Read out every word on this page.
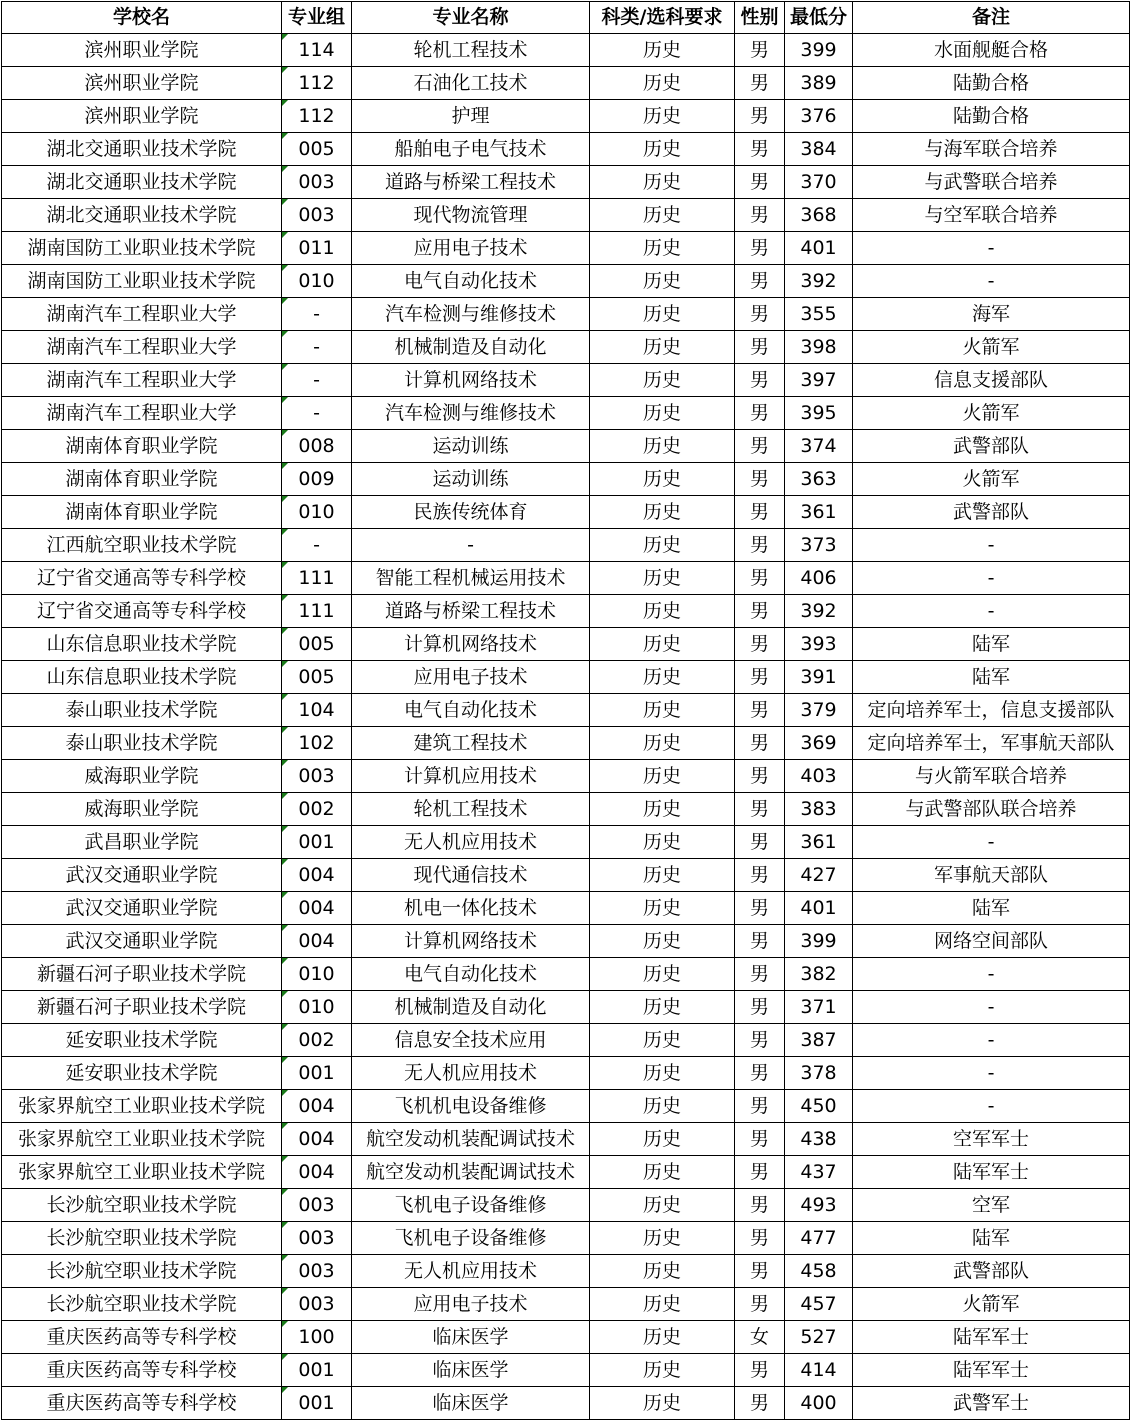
学校名	专业组	专业名称	科类/选科要求	性别	最低分	备注
滨州职业学院	114	轮机工程技术	历史	男	399	水面舰艇合格
滨州职业学院	112	石油化工技术	历史	男	389	陆勤合格
滨州职业学院	112	护理	历史	男	376	陆勤合格
湖北交通职业技术学院	005	船舶电子电气技术	历史	男	384	与海军联合培养
湖北交通职业技术学院	003	道路与桥梁工程技术	历史	男	370	与武警联合培养
湖北交通职业技术学院	003	现代物流管理	历史	男	368	与空军联合培养
湖南国防工业职业技术学院	011	应用电子技术	历史	男	401	-
湖南国防工业职业技术学院	010	电气自动化技术	历史	男	392	-
湖南汽车工程职业大学	-	汽车检测与维修技术	历史	男	355	海军
湖南汽车工程职业大学	-	机械制造及自动化	历史	男	398	火箭军
湖南汽车工程职业大学	-	计算机网络技术	历史	男	397	信息支援部队
湖南汽车工程职业大学	-	汽车检测与维修技术	历史	男	395	火箭军
湖南体育职业学院	008	运动训练	历史	男	374	武警部队
湖南体育职业学院	009	运动训练	历史	男	363	火箭军
湖南体育职业学院	010	民族传统体育	历史	男	361	武警部队
江西航空职业技术学院	-	-	历史	男	373	-
辽宁省交通高等专科学校	111	智能工程机械运用技术	历史	男	406	-
辽宁省交通高等专科学校	111	道路与桥梁工程技术	历史	男	392	-
山东信息职业技术学院	005	计算机网络技术	历史	男	393	陆军
山东信息职业技术学院	005	应用电子技术	历史	男	391	陆军
泰山职业技术学院	104	电气自动化技术	历史	男	379	定向培养军士，信息支援部队
泰山职业技术学院	102	建筑工程技术	历史	男	369	定向培养军士，军事航天部队
威海职业学院	003	计算机应用技术	历史	男	403	与火箭军联合培养
威海职业学院	002	轮机工程技术	历史	男	383	与武警部队联合培养
武昌职业学院	001	无人机应用技术	历史	男	361	-
武汉交通职业学院	004	现代通信技术	历史	男	427	军事航天部队
武汉交通职业学院	004	机电一体化技术	历史	男	401	陆军
武汉交通职业学院	004	计算机网络技术	历史	男	399	网络空间部队
新疆石河子职业技术学院	010	电气自动化技术	历史	男	382	-
新疆石河子职业技术学院	010	机械制造及自动化	历史	男	371	-
延安职业技术学院	002	信息安全技术应用	历史	男	387	-
延安职业技术学院	001	无人机应用技术	历史	男	378	-
张家界航空工业职业技术学院	004	飞机机电设备维修	历史	男	450	-
张家界航空工业职业技术学院	004	航空发动机装配调试技术	历史	男	438	空军军士
张家界航空工业职业技术学院	004	航空发动机装配调试技术	历史	男	437	陆军军士
长沙航空职业技术学院	003	飞机电子设备维修	历史	男	493	空军
长沙航空职业技术学院	003	飞机电子设备维修	历史	男	477	陆军
长沙航空职业技术学院	003	无人机应用技术	历史	男	458	武警部队
长沙航空职业技术学院	003	应用电子技术	历史	男	457	火箭军
重庆医药高等专科学校	100	临床医学	历史	女	527	陆军军士
重庆医药高等专科学校	001	临床医学	历史	男	414	陆军军士
重庆医药高等专科学校	001	临床医学	历史	男	400	武警军士
